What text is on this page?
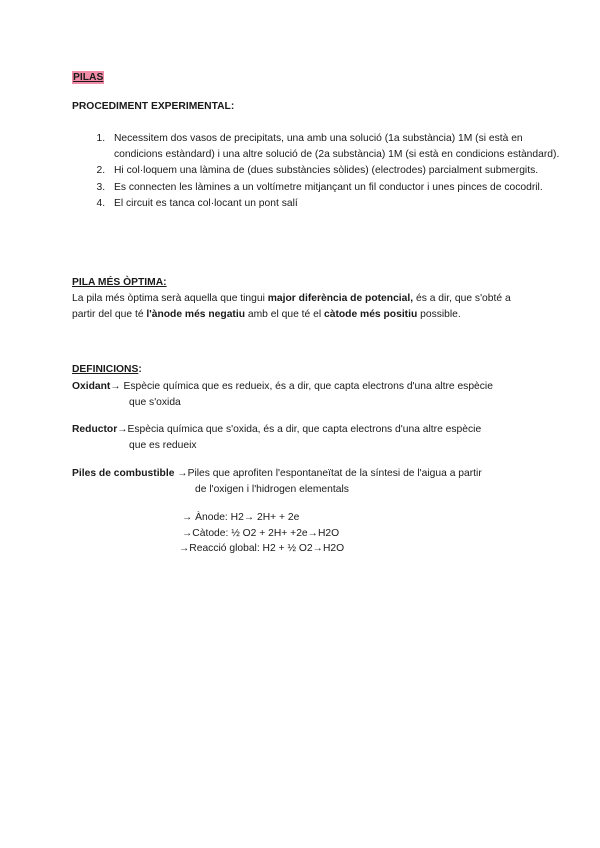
PILAS
PROCEDIMENT EXPERIMENTAL:
1. Necessitem dos vasos de precipitats, una amb una solució (1a substància) 1M (si està en condicions estàndard) i una altre solució de (2a substància) 1M (si està en condicions estàndard).
2. Hi col·loquem una làmina de (dues substàncies sòlides) (electrodes) parcialment submergits.
3. Es connecten les làmines a un voltímetre mitjançant un fil conductor i unes pinces de cocodril.
4. El circuit es tanca col·locant un pont salí
PILA MÉS ÒPTIMA:
La pila més òptima serà aquella que tingui major diferència de potencial, és a dir, que s'obté a partir del que té l'ànode més negatiu amb el que té el càtode més positiu possible.
DEFINICIONS:
Oxidant→ Espècie química que es redueix, és a dir, que capta electrons d'una altre espècie
que s'oxida
Reductor→Espècia química que s'oxida, és a dir, que capta electrons d'una altre espècie
que es redueix
Piles de combustible →Piles que aprofiten l'espontaneïtat de la síntesi de l'aigua a partir
de l'oxigen i l'hidrogen elementals
→ Ànode: H2→ 2H+ + 2e
→Càtode: ½ O2 + 2H+ +2e→H2O
→Reacció global: H2 + ½ O2→H2O
